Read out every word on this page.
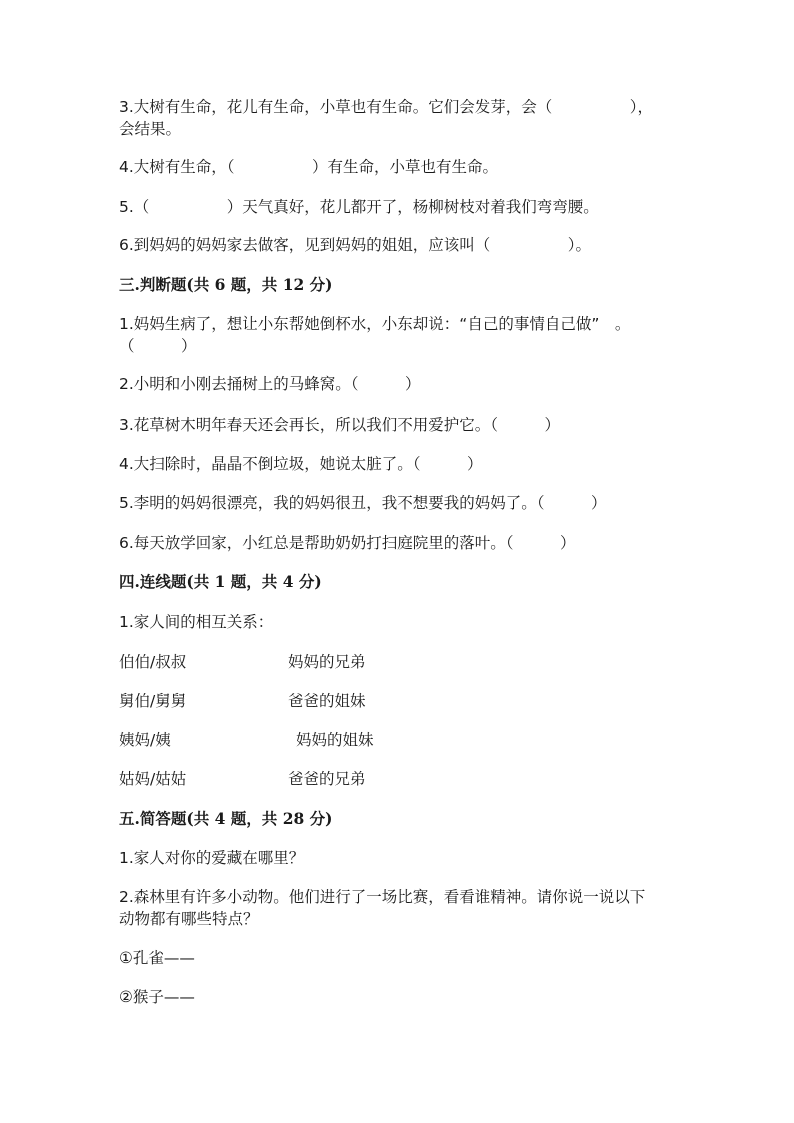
3.大树有生命，花儿有生命，小草也有生命。它们会发芽，会（　　　　　），
会结果。
4.大树有生命，（　　　　　）有生命，小草也有生命。
5.（　　　　　）天气真好，花儿都开了，杨柳树枝对着我们弯弯腰。
6.到妈妈的妈妈家去做客，见到妈妈的姐姐，应该叫（　　　　　）。
三.判断题(共 6 题，共 12 分)
1.妈妈生病了，想让小东帮她倒杯水，小东却说：“自己的事情自己做”　。
（　　　）
2.小明和小刚去捅树上的马蜂窝。（　　　）
3.花草树木明年春天还会再长，所以我们不用爱护它。（　　　）
4.大扫除时，晶晶不倒垃圾，她说太脏了。（　　　）
5.李明的妈妈很漂亮，我的妈妈很丑，我不想要我的妈妈了。（　　　）
6.每天放学回家，小红总是帮助奶奶打扫庭院里的落叶。（　　　）
四.连线题(共 1 题，共 4 分)
1.家人间的相互关系：
伯伯/叔叔	妈妈的兄弟
舅伯/舅舅	爸爸的姐妹
姨妈/姨	妈妈的姐妹
姑妈/姑姑	爸爸的兄弟
五.简答题(共 4 题，共 28 分)
1.家人对你的爱藏在哪里？
2.森林里有许多小动物。他们进行了一场比赛，看看谁精神。请你说一说以下
动物都有哪些特点？
①孔雀——
②猴子——
